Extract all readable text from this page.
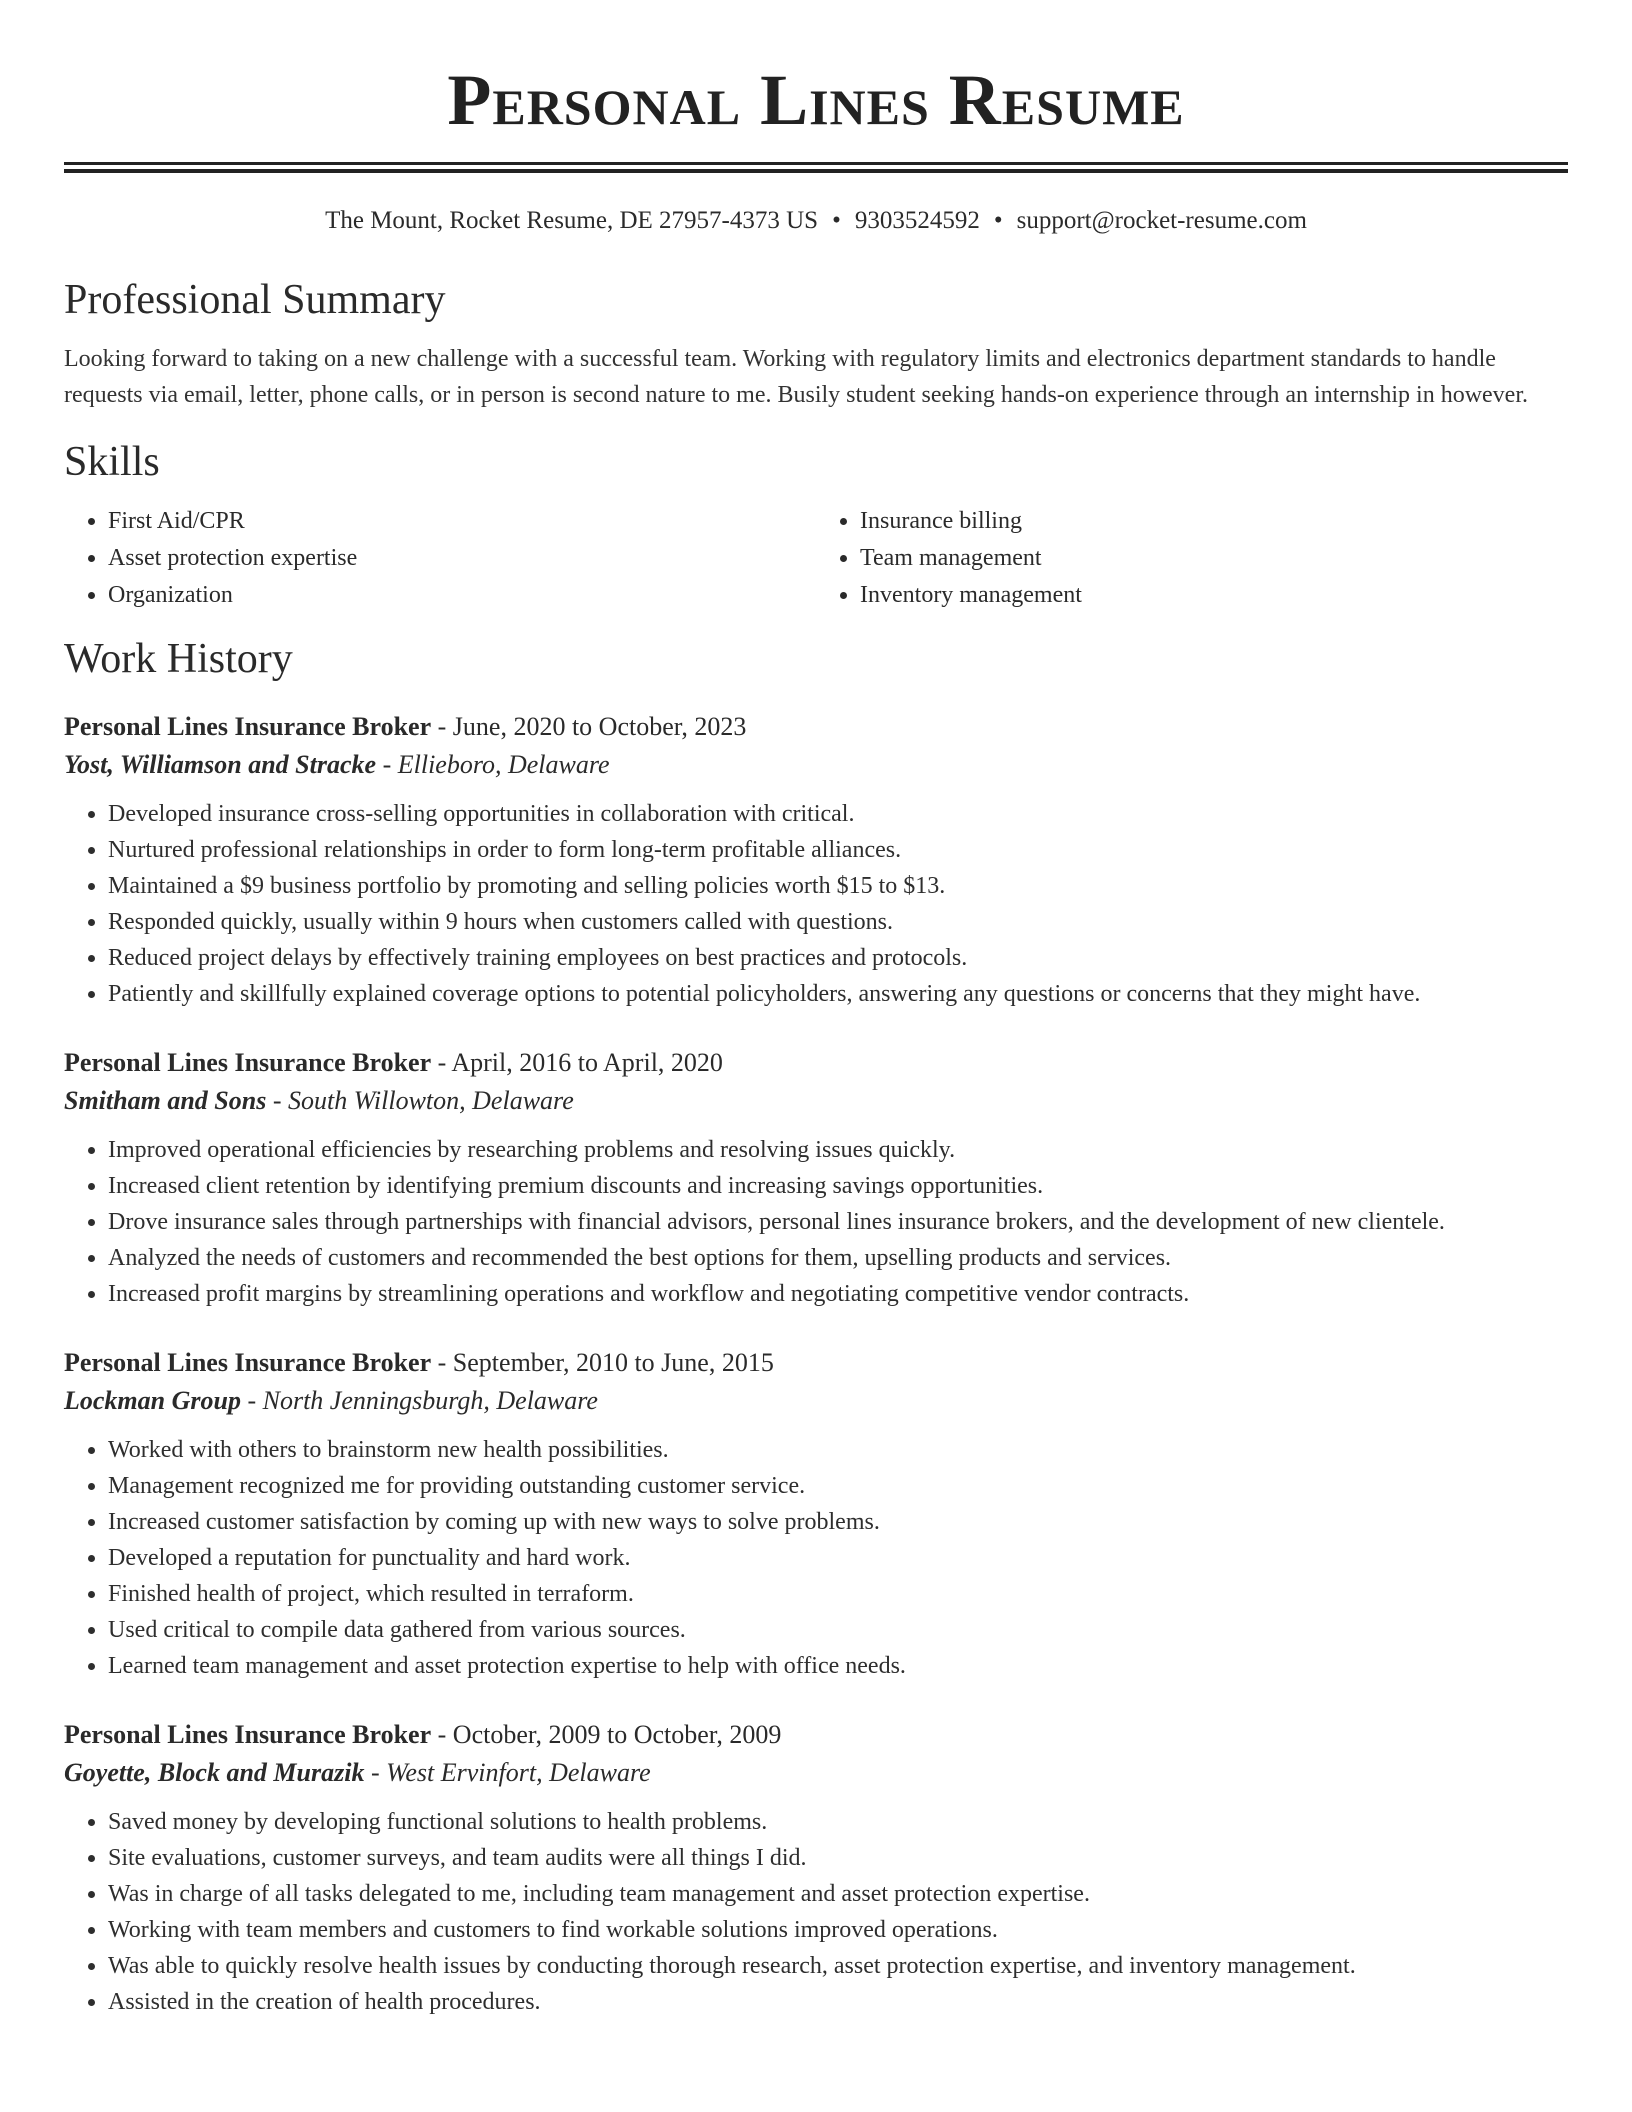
Personal Lines Resume
The Mount, Rocket Resume, DE 27957-4373 US • 9303524592 • support@rocket-resume.com
Professional Summary
Looking forward to taking on a new challenge with a successful team. Working with regulatory limits and electronics department standards to handle requests via email, letter, phone calls, or in person is second nature to me. Busily student seeking hands-on experience through an internship in however.
Skills
• First Aid/CPR
• Asset protection expertise
• Organization
• Insurance billing
• Team management
• Inventory management
Work History
Personal Lines Insurance Broker - June, 2020 to October, 2023
Yost, Williamson and Stracke - Ellieboro, Delaware
• Developed insurance cross-selling opportunities in collaboration with critical.
• Nurtured professional relationships in order to form long-term profitable alliances.
• Maintained a $9 business portfolio by promoting and selling policies worth $15 to $13.
• Responded quickly, usually within 9 hours when customers called with questions.
• Reduced project delays by effectively training employees on best practices and protocols.
• Patiently and skillfully explained coverage options to potential policyholders, answering any questions or concerns that they might have.
Personal Lines Insurance Broker - April, 2016 to April, 2020
Smitham and Sons - South Willowton, Delaware
• Improved operational efficiencies by researching problems and resolving issues quickly.
• Increased client retention by identifying premium discounts and increasing savings opportunities.
• Drove insurance sales through partnerships with financial advisors, personal lines insurance brokers, and the development of new clientele.
• Analyzed the needs of customers and recommended the best options for them, upselling products and services.
• Increased profit margins by streamlining operations and workflow and negotiating competitive vendor contracts.
Personal Lines Insurance Broker - September, 2010 to June, 2015
Lockman Group - North Jenningsburgh, Delaware
• Worked with others to brainstorm new health possibilities.
• Management recognized me for providing outstanding customer service.
• Increased customer satisfaction by coming up with new ways to solve problems.
• Developed a reputation for punctuality and hard work.
• Finished health of project, which resulted in terraform.
• Used critical to compile data gathered from various sources.
• Learned team management and asset protection expertise to help with office needs.
Personal Lines Insurance Broker - October, 2009 to October, 2009
Goyette, Block and Murazik - West Ervinfort, Delaware
• Saved money by developing functional solutions to health problems.
• Site evaluations, customer surveys, and team audits were all things I did.
• Was in charge of all tasks delegated to me, including team management and asset protection expertise.
• Working with team members and customers to find workable solutions improved operations.
• Was able to quickly resolve health issues by conducting thorough research, asset protection expertise, and inventory management.
• Assisted in the creation of health procedures.
